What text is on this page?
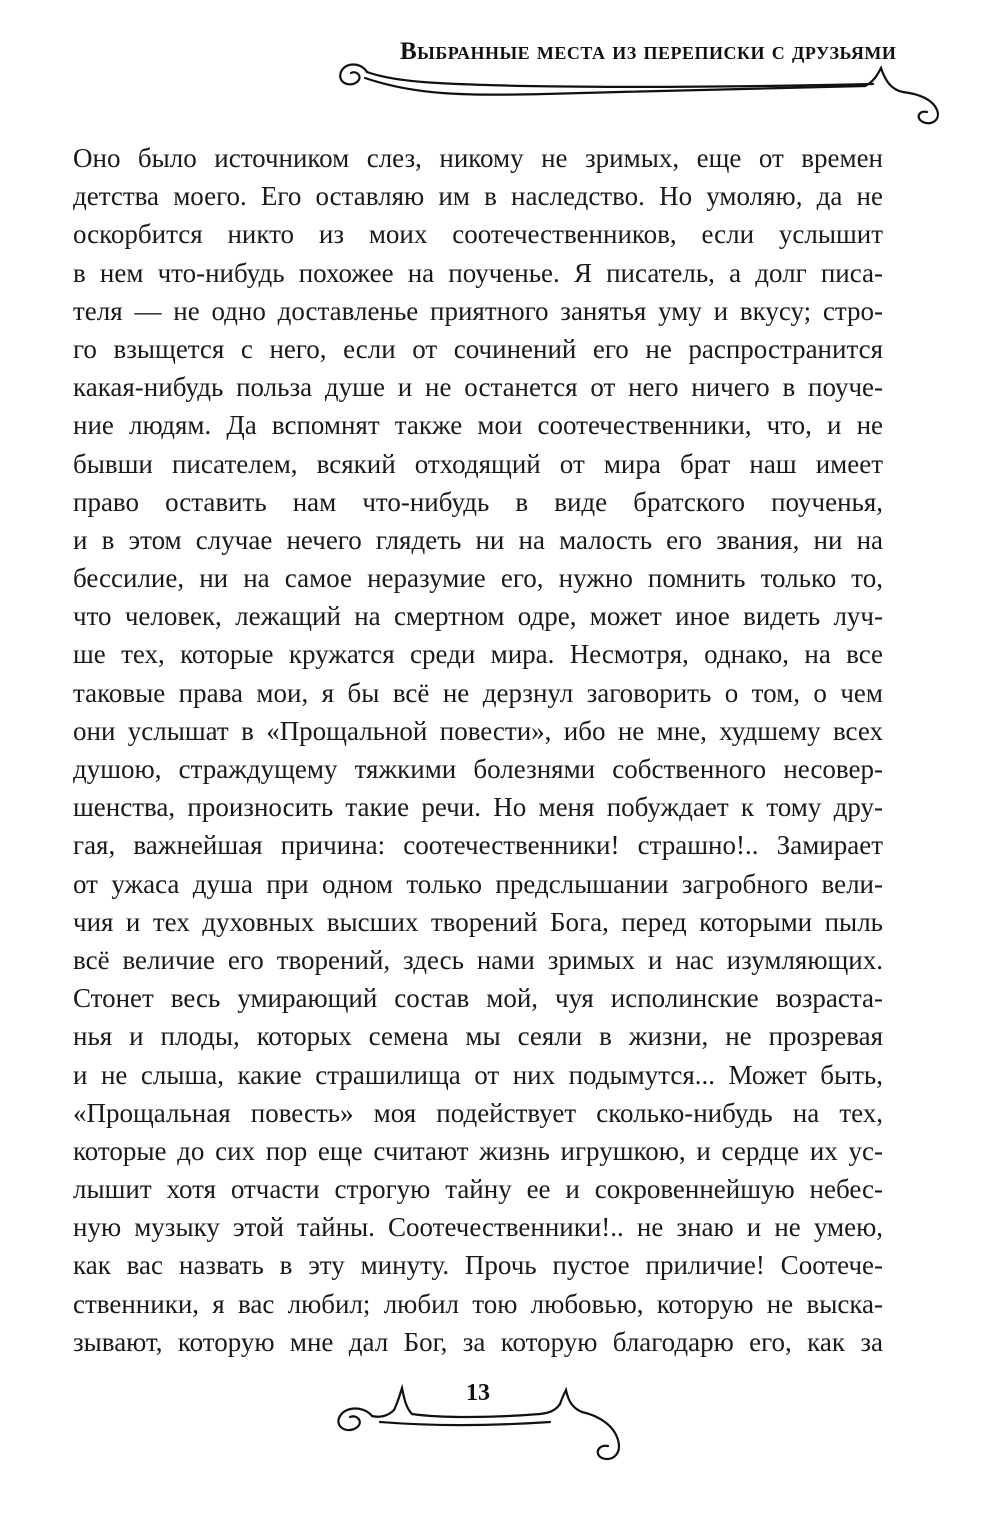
Выбранные места из переписки с друзьями
Оно было источником слез, никому не зримых, еще от времен
детства моего. Его оставляю им в наследство. Но умоляю, да не
оскорбится никто из моих соотечественников, если услышит
в нем что-нибудь похожее на поученье. Я писатель, а долг писа-
теля — не одно доставленье приятного занятья уму и вкусу; стро-
го взыщется с него, если от сочинений его не распространится
какая-нибудь польза душе и не останется от него ничего в поуче-
ние людям. Да вспомнят также мои соотечественники, что, и не
бывши писателем, всякий отходящий от мира брат наш имеет
право оставить нам что-нибудь в виде братского поученья,
и в этом случае нечего глядеть ни на малость его звания, ни на
бессилие, ни на самое неразумие его, нужно помнить только то,
что человек, лежащий на смертном одре, может иное видеть луч-
ше тех, которые кружатся среди мира. Несмотря, однако, на все
таковые права мои, я бы всё не дерзнул заговорить о том, о чем
они услышат в «Прощальной повести», ибо не мне, худшему всех
душою, страждущему тяжкими болезнями собственного несовер-
шенства, произносить такие речи. Но меня побуждает к тому дру-
гая, важнейшая причина: соотечественники! страшно!.. Замирает
от ужаса душа при одном только предслышании загробного вели-
чия и тех духовных высших творений Бога, перед которыми пыль
всё величие его творений, здесь нами зримых и нас изумляющих.
Стонет весь умирающий состав мой, чуя исполинские возраста-
нья и плоды, которых семена мы сеяли в жизни, не прозревая
и не слыша, какие страшилища от них подымутся... Может быть,
«Прощальная повесть» моя подействует сколько-нибудь на тех,
которые до сих пор еще считают жизнь игрушкою, и сердце их ус-
лышит хотя отчасти строгую тайну ее и сокровеннейшую небес-
ную музыку этой тайны. Соотечественники!.. не знаю и не умею,
как вас назвать в эту минуту. Прочь пустое приличие! Соотече-
ственники, я вас любил; любил тою любовью, которую не выска-
зывают, которую мне дал Бог, за которую благодарю его, как за
13
